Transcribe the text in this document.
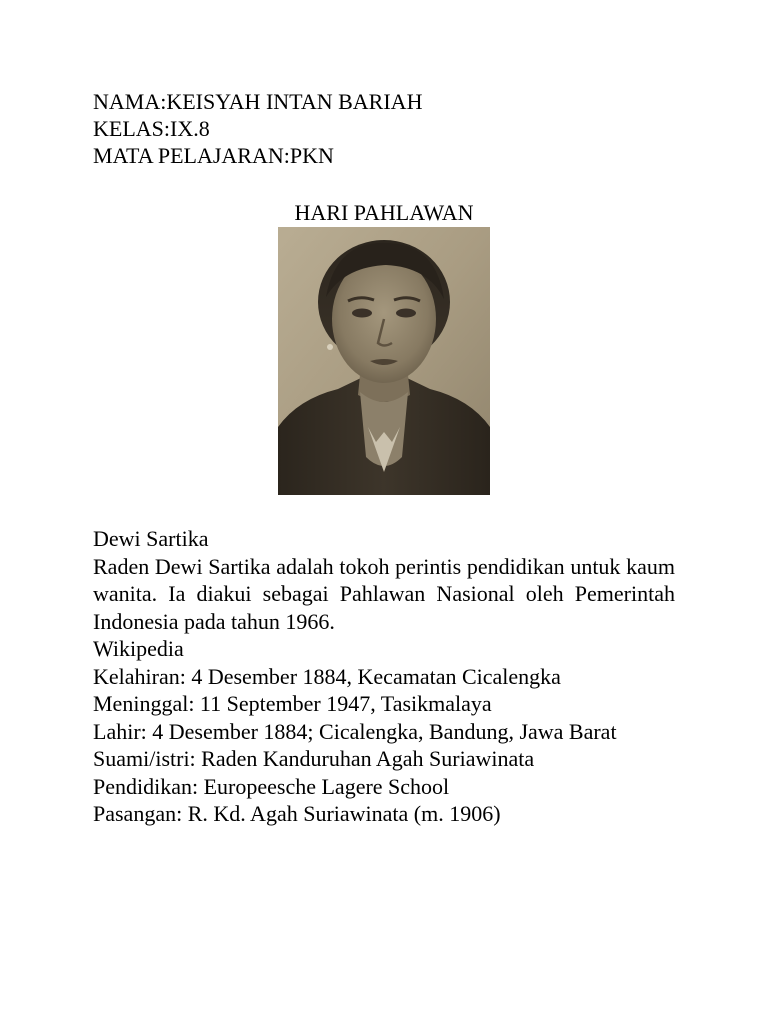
NAMA:KEISYAH INTAN BARIAH
KELAS:IX.8
MATA PELAJARAN:PKN
HARI PAHLAWAN

Dewi Sartika

Raden Dewi Sartika adalah tokoh perintis pendidikan untuk kaum wanita. Ia diakui sebagai Pahlawan Nasional oleh Pemerintah Indonesia pada tahun 1966.

Wikipedia

Kelahiran: 4 Desember 1884, Kecamatan Cicalengka

Meninggal: 11 September 1947, Tasikmalaya

Lahir: 4 Desember 1884; Cicalengka, Bandung, Jawa Barat

Suami/istri: Raden Kanduruhan Agah Suriawinata

Pendidikan: Europeesche Lagere School

Pasangan: R. Kd. Agah Suriawinata (m. 1906)
